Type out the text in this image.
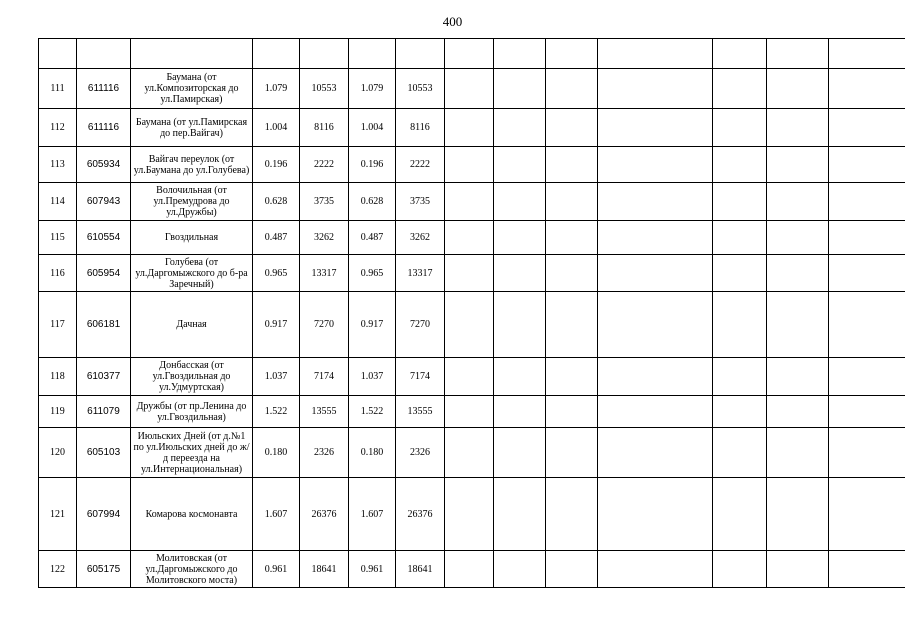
400

111	611116	Баумана (от ул.Композиторская до ул.Памирская)	1.079	10553	1.079	10553							
112	611116	Баумана (от ул.Памирская до пер.Вайгач)	1.004	8116	1.004	8116							
113	605934	Вайгач переулок (от ул.Баумана до ул.Голубева)	0.196	2222	0.196	2222							
114	607943	Волочильная (от ул.Премудрова до ул.Дружбы)	0.628	3735	0.628	3735							
115	610554	Гвоздильная	0.487	3262	0.487	3262							
116	605954	Голубева (от ул.Даргомыжского до б-ра Заречный)	0.965	13317	0.965	13317							
117	606181	Дачная	0.917	7270	0.917	7270							
118	610377	Донбасская (от ул.Гвоздильная до ул.Удмуртская)	1.037	7174	1.037	7174							
119	611079	Дружбы (от пр.Ленина до ул.Гвоздильная)	1.522	13555	1.522	13555							
120	605103	Июльских Дней (от д.№1 по ул.Июльских дней до ж/д переезда на ул.Интернациональная)	0.180	2326	0.180	2326							
121	607994	Комарова космонавта	1.607	26376	1.607	26376							
122	605175	Молитовская (от ул.Даргомыжского до Молитовского моста)	0.961	18641	0.961	18641							
